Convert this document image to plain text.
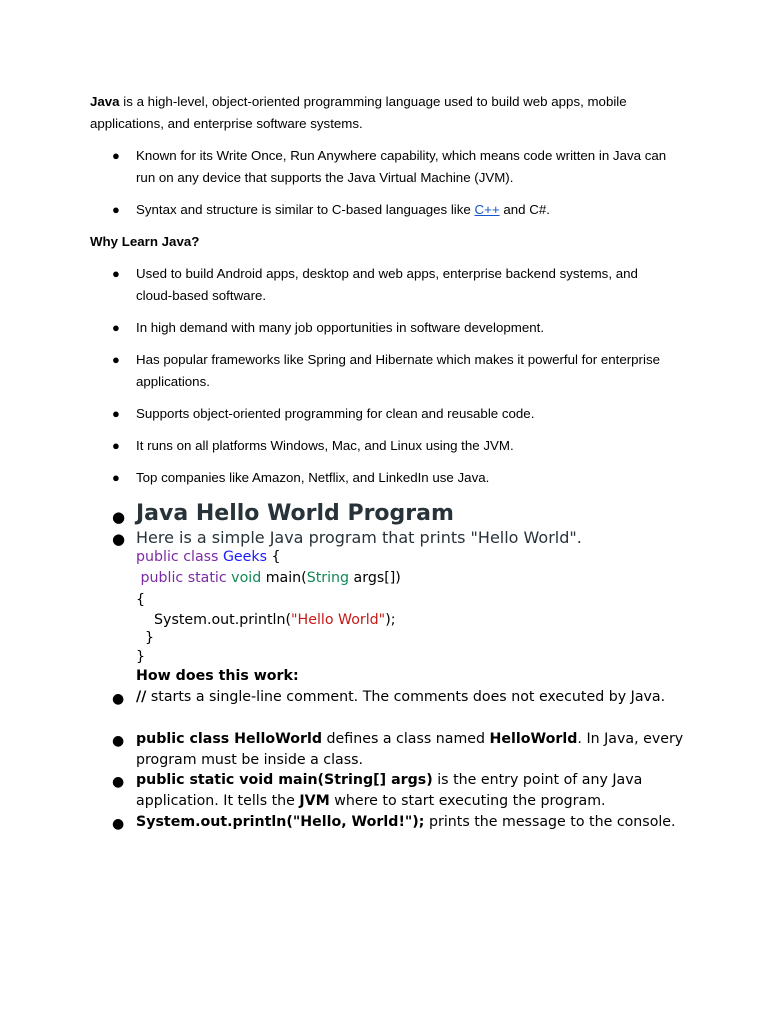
Java is a high-level, object-oriented programming language used to build web apps, mobile applications, and enterprise software systems.
● Known for its Write Once, Run Anywhere capability, which means code written in Java can run on any device that supports the Java Virtual Machine (JVM).
● Syntax and structure is similar to C-based languages like C++ and C#.
Why Learn Java?
● Used to build Android apps, desktop and web apps, enterprise backend systems, and cloud-based software.
● In high demand with many job opportunities in software development.
● Has popular frameworks like Spring and Hibernate which makes it powerful for enterprise applications.
● Supports object-oriented programming for clean and reusable code.
● It runs on all platforms Windows, Mac, and Linux using the JVM.
● Top companies like Amazon, Netflix, and LinkedIn use Java.
● Java Hello World Program
● Here is a simple Java program that prints "Hello World".
public class Geeks {
public static void main(String args[])
{
System.out.println("Hello World");
}
}
How does this work:
● // starts a single-line comment. The comments does not executed by Java.
● public class HelloWorld defines a class named HelloWorld. In Java, every program must be inside a class.
● public static void main(String[] args) is the entry point of any Java application. It tells the JVM where to start executing the program.
● System.out.println("Hello, World!"); prints the message to the console.
